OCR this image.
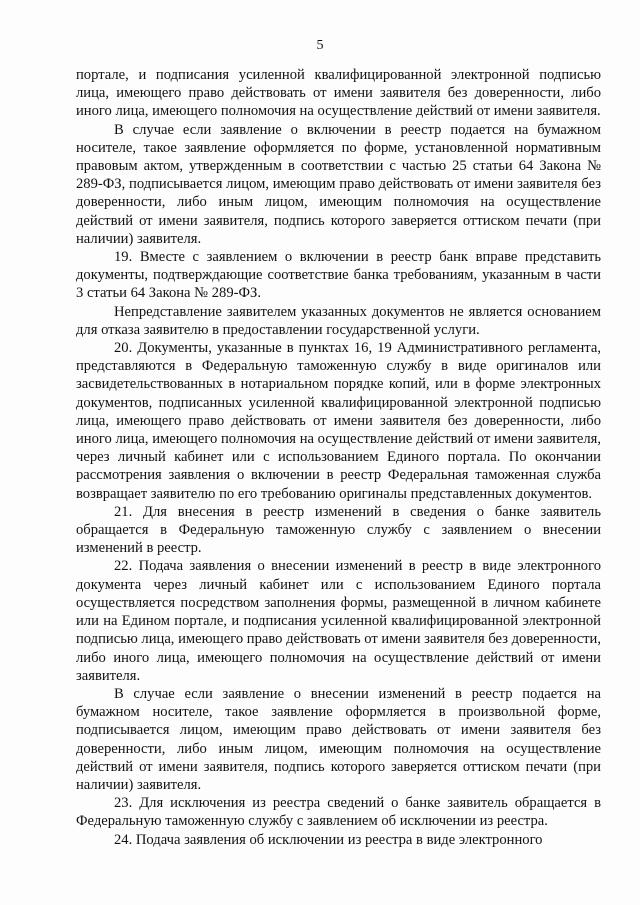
5

портале, и подписания усиленной квалифицированной электронной подписью лица, имеющего право действовать от имени заявителя без доверенности, либо иного лица, имеющего полномочия на осуществление действий от имени заявителя.

В случае если заявление о включении в реестр подается на бумажном носителе, такое заявление оформляется по форме, установленной нормативным правовым актом, утвержденным в соответствии с частью 25 статьи 64 Закона № 289-ФЗ, подписывается лицом, имеющим право действовать от имени заявителя без доверенности, либо иным лицом, имеющим полномочия на осуществление действий от имени заявителя, подпись которого заверяется оттиском печати (при наличии) заявителя.

19. Вместе с заявлением о включении в реестр банк вправе представить документы, подтверждающие соответствие банка требованиям, указанным в части 3 статьи 64 Закона № 289-ФЗ.

Непредставление заявителем указанных документов не является основанием для отказа заявителю в предоставлении государственной услуги.

20. Документы, указанные в пунктах 16, 19 Административного регламента, представляются в Федеральную таможенную службу в виде оригиналов или засвидетельствованных в нотариальном порядке копий, или в форме электронных документов, подписанных усиленной квалифицированной электронной подписью лица, имеющего право действовать от имени заявителя без доверенности, либо иного лица, имеющего полномочия на осуществление действий от имени заявителя, через личный кабинет или с использованием Единого портала. По окончании рассмотрения заявления о включении в реестр Федеральная таможенная служба возвращает заявителю по его требованию оригиналы представленных документов.

21. Для внесения в реестр изменений в сведения о банке заявитель обращается в Федеральную таможенную службу с заявлением о внесении изменений в реестр.

22. Подача заявления о внесении изменений в реестр в виде электронного документа через личный кабинет или с использованием Единого портала осуществляется посредством заполнения формы, размещенной в личном кабинете или на Едином портале, и подписания усиленной квалифицированной электронной подписью лица, имеющего право действовать от имени заявителя без доверенности, либо иного лица, имеющего полномочия на осуществление действий от имени заявителя.

В случае если заявление о внесении изменений в реестр подается на бумажном носителе, такое заявление оформляется в произвольной форме, подписывается лицом, имеющим право действовать от имени заявителя без доверенности, либо иным лицом, имеющим полномочия на осуществление действий от имени заявителя, подпись которого заверяется оттиском печати (при наличии) заявителя.

23. Для исключения из реестра сведений о банке заявитель обращается в Федеральную таможенную службу с заявлением об исключении из реестра.

24. Подача заявления об исключении из реестра в виде электронного
